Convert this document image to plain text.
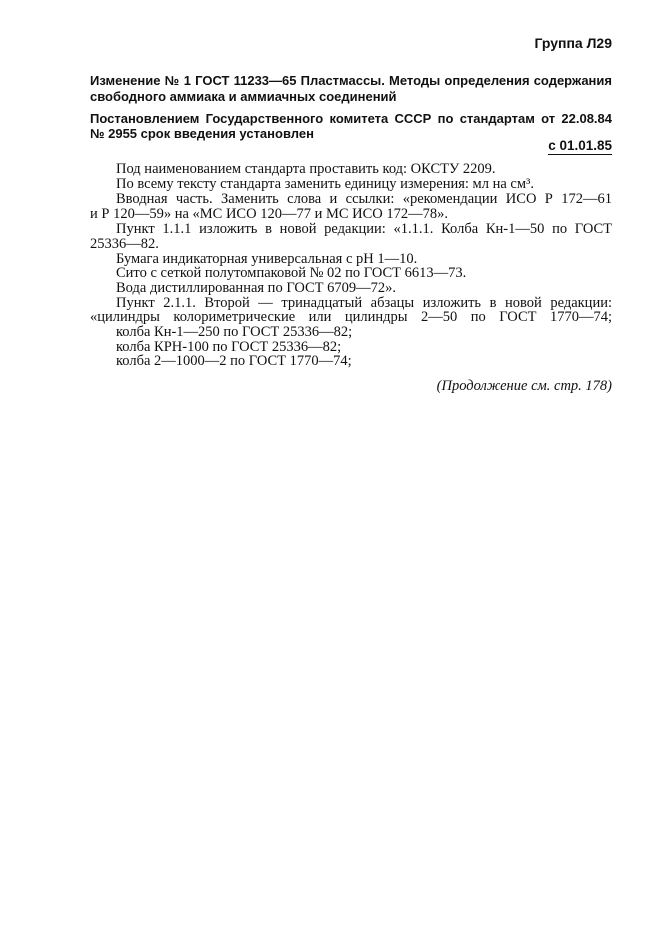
Группа Л29
Изменение № 1 ГОСТ 11233—65 Пластмассы. Методы определения содержания
свободного аммиака и аммиачных соединений
Постановлением Государственного комитета СССР по стандартам от 22.08.84
№ 2955 срок введения установлен
с 01.01.85
Под наименованием стандарта проставить код: ОКСТУ 2209.
По всему тексту стандарта заменить единицу измерения: мл на см³.
Вводная часть. Заменить слова и ссылки: «рекомендации ИСО Р 172—61
и Р 120—59» на «МС ИСО 120—77 и МС ИСО 172—78».
Пункт 1.1.1 изложить в новой редакции: «1.1.1. Колба Кн-1—50 по ГОСТ
25336—82.
Бумага индикаторная универсальная с pH 1—10.
Сито с сеткой полутомпаковой № 02 по ГОСТ 6613—73.
Вода дистиллированная по ГОСТ 6709—72».
Пункт 2.1.1. Второй — тринадцатый абзацы изложить в новой редакции:
«цилиндры колориметрические или цилиндры 2—50 по ГОСТ 1770—74;
колба Кн-1—250 по ГОСТ 25336—82;
колба КРН-100 по ГОСТ 25336—82;
колба 2—1000—2 по ГОСТ 1770—74;
(Продолжение см. стр. 178)
